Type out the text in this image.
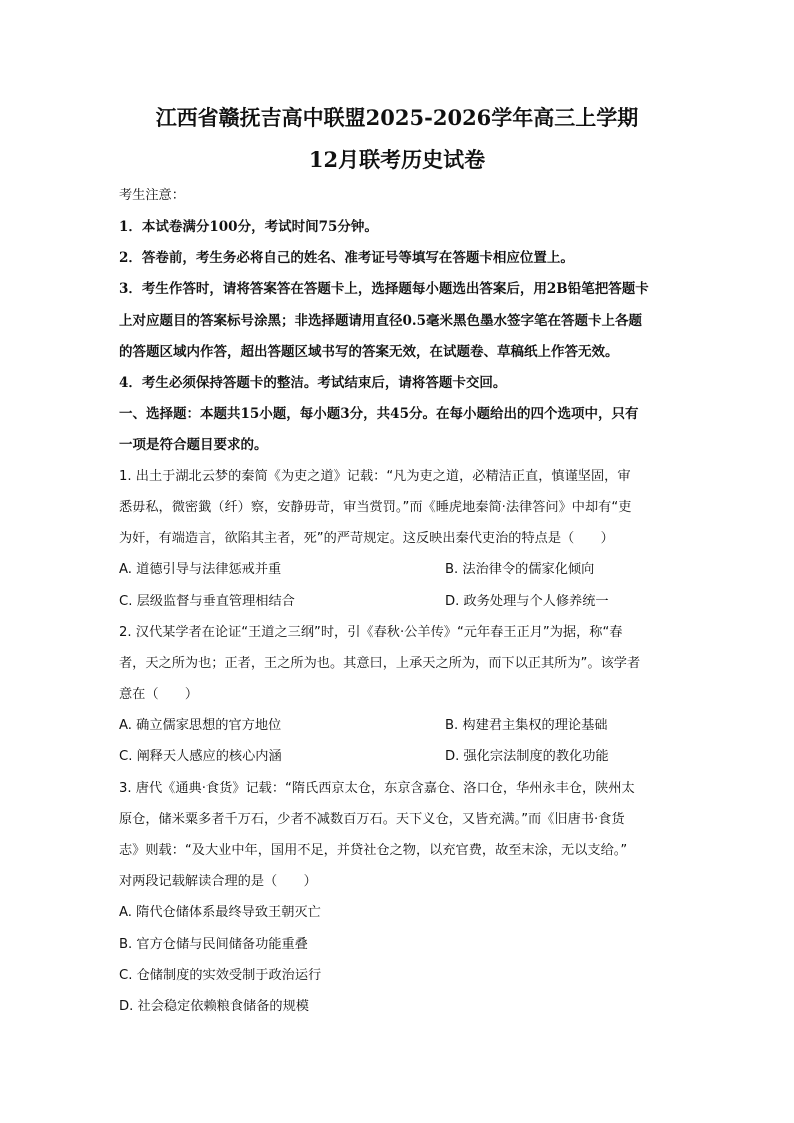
江西省赣抚吉高中联盟2025-2026学年高三上学期
12月联考历史试卷
考生注意：
1．本试卷满分100分，考试时间75分钟。
2．答卷前，考生务必将自己的姓名、准考证号等填写在答题卡相应位置上。
3．考生作答时，请将答案答在答题卡上，选择题每小题选出答案后，用2B铅笔把答题卡
上对应题目的答案标号涂黑；非选择题请用直径0.5毫米黑色墨水签字笔在答题卡上各题
的答题区域内作答，超出答题区域书写的答案无效，在试题卷、草稿纸上作答无效。
4．考生必须保持答题卡的整洁。考试结束后，请将答题卡交回。
一、选择题：本题共15小题，每小题3分，共45分。在每小题给出的四个选项中，只有
一项是符合题目要求的。
1. 出土于湖北云梦的秦简《为吏之道》记载：“凡为吏之道，必精洁正直，慎谨坚固，审
悉毋私，微密韱（纤）察，安静毋苛，审当赏罚。”而《睡虎地秦简·法律答问》中却有“吏
为奸，有端造言，欲陷其主者，死”的严苛规定。这反映出秦代吏治的特点是（　　）
A. 道德引导与法律惩戒并重	B. 法治律令的儒家化倾向
C. 层级监督与垂直管理相结合	D. 政务处理与个人修养统一
2. 汉代某学者在论证“王道之三纲”时，引《春秋·公羊传》“元年春王正月”为据，称“春
者，天之所为也；正者，王之所为也。其意曰，上承天之所为，而下以正其所为”。该学者
意在（　　）
A. 确立儒家思想的官方地位	B. 构建君主集权的理论基础
C. 阐释天人感应的核心内涵	D. 强化宗法制度的教化功能
3. 唐代《通典·食货》记载：“隋氏西京太仓，东京含嘉仓、洛口仓，华州永丰仓，陕州太
原仓，储米粟多者千万石，少者不减数百万石。天下义仓，又皆充满。”而《旧唐书·食货
志》则载：“及大业中年，国用不足，并贷社仓之物，以充官费，故至末涂，无以支给。”
对两段记载解读合理的是（　　）
A. 隋代仓储体系最终导致王朝灭亡
B. 官方仓储与民间储备功能重叠
C. 仓储制度的实效受制于政治运行
D. 社会稳定依赖粮食储备的规模
